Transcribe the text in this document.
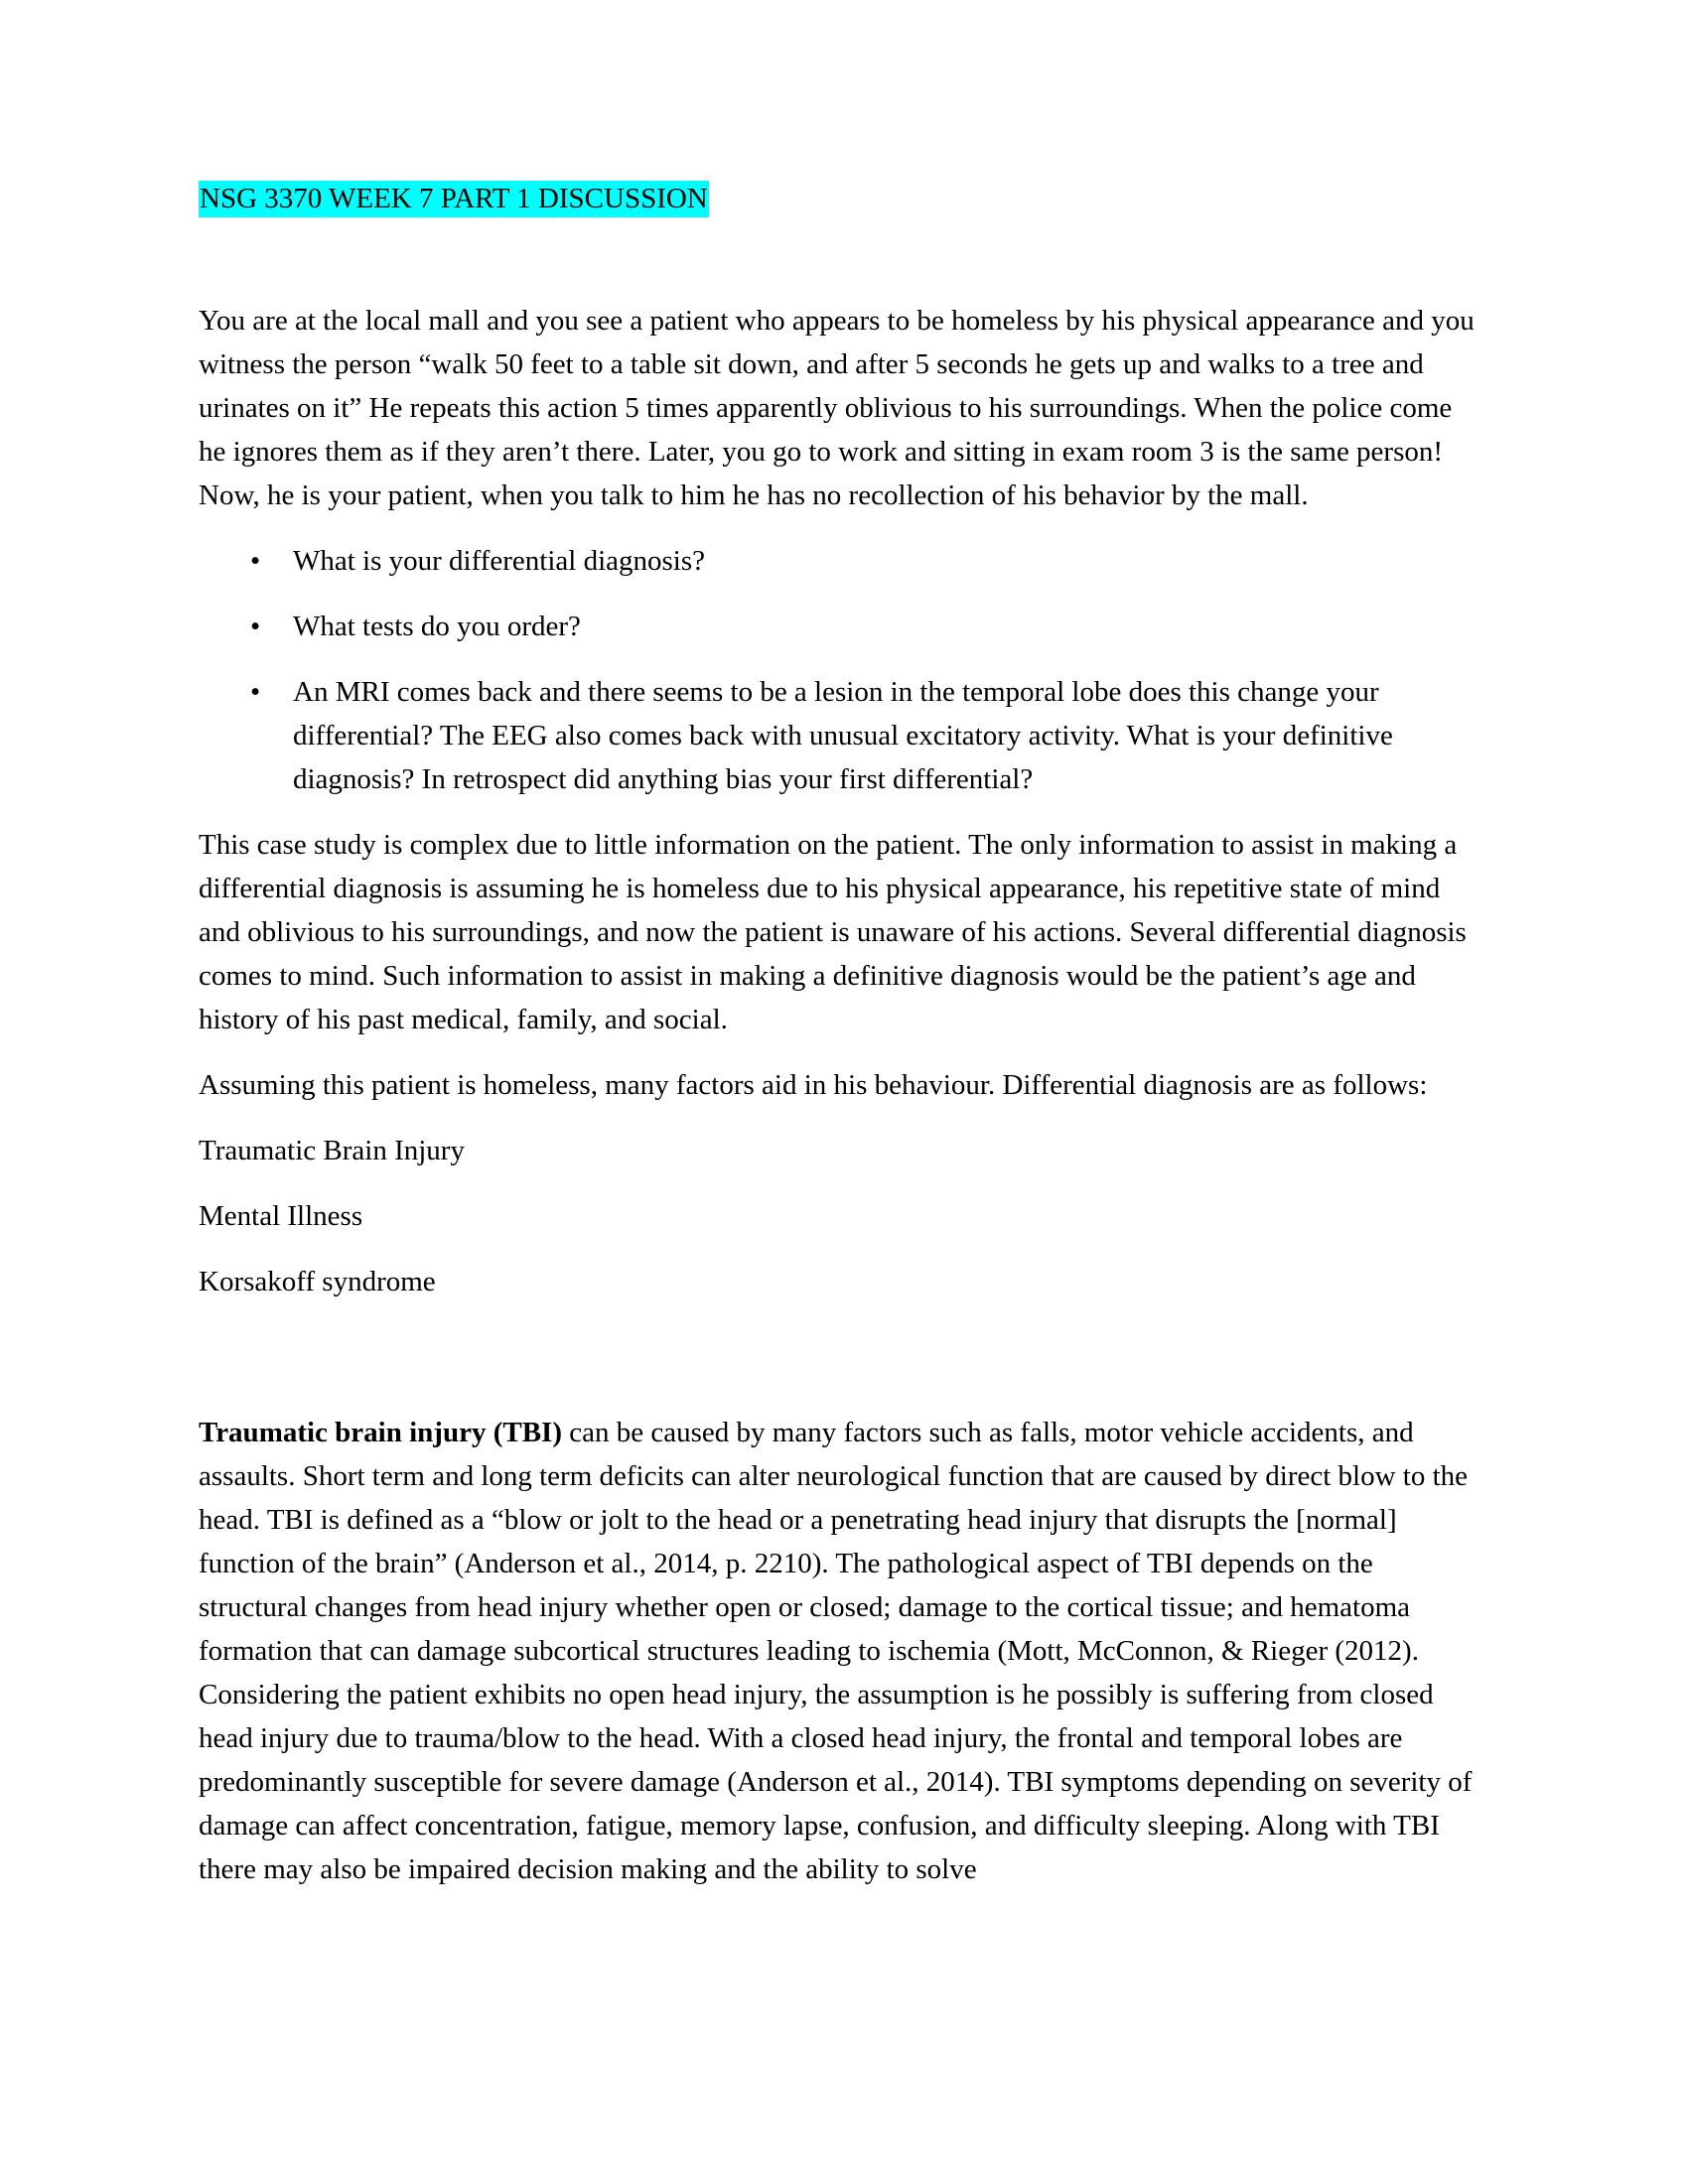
NSG 3370 WEEK 7 PART 1 DISCUSSION

You are at the local mall and you see a patient who appears to be homeless by his physical appearance and you witness the person “walk 50 feet to a table sit down, and after 5 seconds he gets up and walks to a tree and urinates on it” He repeats this action 5 times apparently oblivious to his surroundings. When the police come he ignores them as if they aren’t there. Later, you go to work and sitting in exam room 3 is the same person! Now, he is your patient, when you talk to him he has no recollection of his behavior by the mall.

• What is your differential diagnosis?
• What tests do you order?
• An MRI comes back and there seems to be a lesion in the temporal lobe does this change your differential? The EEG also comes back with unusual excitatory activity. What is your definitive diagnosis? In retrospect did anything bias your first differential?

This case study is complex due to little information on the patient. The only information to assist in making a differential diagnosis is assuming he is homeless due to his physical appearance, his repetitive state of mind and oblivious to his surroundings, and now the patient is unaware of his actions. Several differential diagnosis comes to mind. Such information to assist in making a definitive diagnosis would be the patient’s age and history of his past medical, family, and social.

Assuming this patient is homeless, many factors aid in his behaviour. Differential diagnosis are as follows:

Traumatic Brain Injury

Mental Illness

Korsakoff syndrome

Traumatic brain injury (TBI) can be caused by many factors such as falls, motor vehicle accidents, and assaults. Short term and long term deficits can alter neurological function that are caused by direct blow to the head. TBI is defined as a “blow or jolt to the head or a penetrating head injury that disrupts the [normal] function of the brain” (Anderson et al., 2014, p. 2210). The pathological aspect of TBI depends on the structural changes from head injury whether open or closed; damage to the cortical tissue; and hematoma formation that can damage subcortical structures leading to ischemia (Mott, McConnon, & Rieger (2012). Considering the patient exhibits no open head injury, the assumption is he possibly is suffering from closed head injury due to trauma/blow to the head. With a closed head injury, the frontal and temporal lobes are predominantly susceptible for severe damage (Anderson et al., 2014). TBI symptoms depending on severity of damage can affect concentration, fatigue, memory lapse, confusion, and difficulty sleeping. Along with TBI there may also be impaired decision making and the ability to solve
